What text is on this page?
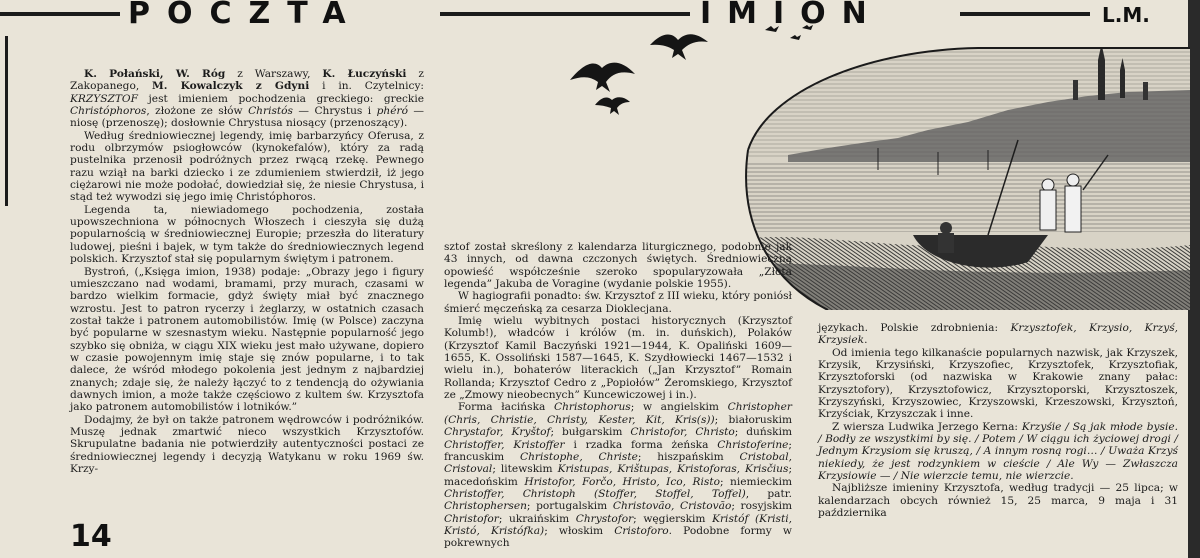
POCZTA	IMION	L.M.

K. Połański, W. Róg z Warszawy, K. Łuczyński z Zakopanego, M. Kowalczyk z Gdyni i in. Czytelnicy: KRZYSZTOF jest imieniem pochodzenia greckiego: greckie Christóphoros, złożone ze słów Christós — Chrystus i phéró — niosę (przenoszę); dosłownie Chrystusa niosący (przenoszący).

Według średniowiecznej legendy, imię barbarzyńcy Oferusa, z rodu olbrzymów psiogłowców (kynokefalów), który za radą pustelnika przenosił podróżnych przez rwącą rzekę. Pewnego razu wziął na barki dziecko i ze zdumieniem stwierdził, iż jego ciężarowi nie może podołać, dowiedział się, że niesie Chrystusa, i stąd też wywodzi się jego imię Christóphoros.

Legenda ta, niewiadomego pochodzenia, została upowszechniona w północnych Włoszech i cieszyła się dużą popularnością w średniowiecznej Europie; przeszła do literatury ludowej, pieśni i bajek, w tym także do średniowiecznych legend polskich. Krzysztof stał się popularnym świętym i patronem.

Bystroń, („Księga imion, 1938) podaje: „Obrazy jego i figury umieszczano nad wodami, bramami, przy murach, czasami w bardzo wielkim formacie, gdyż święty miał być znacznego wzrostu. Jest to patron rycerzy i żeglarzy, w ostatnich czasach został także i patronem automobilistów. Imię (w Polsce) zaczyna być popularne w szesnastym wieku. Następnie popularność jego szybko się obniża, w ciągu XIX wieku jest mało używane, dopiero w czasie powojennym imię staje się znów popularne, i to tak dalece, że wśród młodego pokolenia jest jednym z najbardziej znanych; zdaje się, że należy łączyć to z tendencją do ożywiania dawnych imion, a może także częściowo z kultem św. Krzysztofa jako patronem automobilistów i lotników.”

Dodajmy, że był on także patronem wędrowców i podróżników. Muszę jednak zmartwić nieco wszystkich Krzysztofów. Skrupulatne badania nie potwierdziły autentyczności postaci ze średniowiecznej legendy i decyzją Watykanu w roku 1969 św. Krzy-

sztof został skreślony z kalendarza liturgicznego, podobnie jak 43 innych, od dawna czczonych świętych. Średniowieczną opowieść współcześnie szeroko spopularyzowała „Złota legenda” Jakuba de Voragine (wydanie polskie 1955).

W hagiografii ponadto: św. Krzysztof z III wieku, który poniósł śmierć męczeńską za cesarza Dioklecjana.

Imię wielu wybitnych postaci historycznych (Krzysztof Kolumb!), władców i królów (m. in. duńskich), Polaków (Krzysztof Kamil Baczyński 1921—1944, K. Opaliński 1609—1655, K. Ossoliński 1587—1645, K. Szydłowiecki 1467—1532 i wielu in.), bohaterów literackich („Jan Krzysztof” Romain Rollanda; Krzysztof Cedro z „Popiołów” Żeromskiego, Krzysztof ze „Zmowy nieobecnych” Kuncewiczowej i in.).

Forma łacińska Christophorus; w angielskim Christopher (Chris, Christie, Christy, Kester, Kit, Kris(s)); białoruskim Chrystafor, Kryštof; bułgarskim Christofor, Christo; duńskim Christoffer, Kristoffer i rzadka forma żeńska Christoferine; francuskim Christophe, Christe; hiszpańskim Cristobal, Cristoval; litewskim Kristupas, Krištupas, Kristoforas, Krisčius; macedońskim Hristofor, Forčo, Hristo, Ico, Risto; niemieckim Christoffer, Christoph (Stoffer, Stoffel, Toffel), patr. Christophersen; portugalskim Christovão, Cristovão; rosyjskim Christofor; ukraińskim Chrystofor; węgierskim Kristóf (Kristi, Kristó, Kristófka); włoskim Cristoforo. Podobne formy w pokrewnych

językach. Polskie zdrobnienia: Krzysztofek, Krzysio, Krzyś, Krzysiek.

Od imienia tego kilkanaście popularnych nazwisk, jak Krzyszek, Krzysik, Krzysiński, Krzyszofiec, Krzysztofek, Krzysztofiak, Krzysztoforski (od nazwiska w Krakowie znany pałac: Krzysztofory), Krzysztofowicz, Krzysztoporski, Krzysztoszek, Krzyszyński, Krzyszowiec, Krzyszowski, Krzeszowski, Krzysztoń, Krzyściak, Krzyszczak i inne.

Z wiersza Ludwika Jerzego Kerna: Krzyśie / Są jak młode bysie. / Bodły ze wszystkimi by się. / Potem / W ciągu ich życiowej drogi / Jednym Krzysiom się kruszą, / A innym rosną rogi… / Uważa Krzyś niekiedy, że jest rodzynkiem w cieście / Ale Wy — Zwłaszcza Krzysiowie — / Nie wierzcie temu, nie wierzcie.

Najbliższe imieniny Krzysztofa, według tradycji — 25 lipca; w kalendarzach obcych również 15, 25 marca, 9 maja i 31 października

14
